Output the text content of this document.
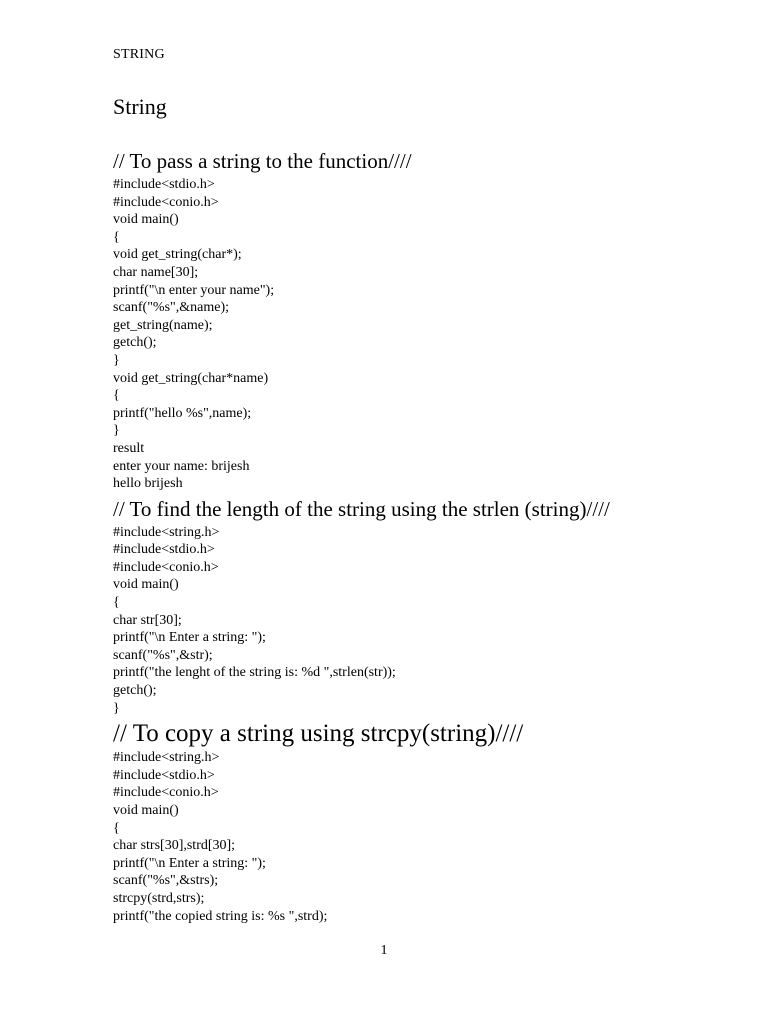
STRING
String
// To pass a string to the function////
#include<stdio.h>
#include<conio.h>
void main()
{
void get_string(char*);
char name[30];
printf("\n enter your name");
scanf("%s",&name);
get_string(name);
getch();
}
void get_string(char*name)
{
printf("hello %s",name);
}
result
enter your name: brijesh
hello brijesh
// To find the length of the string using the strlen (string)////
#include<string.h>
#include<stdio.h>
#include<conio.h>
void main()
{
char str[30];
printf("\n Enter a string: ");
scanf("%s",&str);
printf("the lenght of the string is: %d ",strlen(str));
getch();
}
// To copy a string using strcpy(string)////
#include<string.h>
#include<stdio.h>
#include<conio.h>
void main()
{
char strs[30],strd[30];
printf("\n Enter a string: ");
scanf("%s",&strs);
strcpy(strd,strs);
printf("the copied string is: %s ",strd);
1
